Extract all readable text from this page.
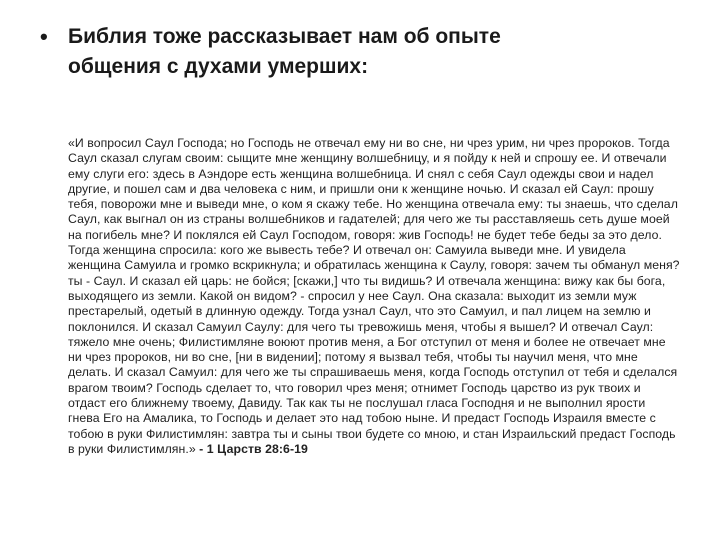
• Библия тоже рассказывает нам об опыте
общения с духами умерших:
«И вопросил Саул Господа; но Господь не отвечал ему ни во сне, ни чрез урим, ни чрез пророков. Тогда Саул сказал слугам своим: сыщите мне женщину волшебницу, и я пойду к ней и спрошу ее. И отвечали ему слуги его: здесь в Аэндоре есть женщина волшебница. И снял с себя Саул одежды свои и надел другие, и пошел сам и два человека с ним, и пришли они к женщине ночью. И сказал ей Саул: прошу тебя, поворожи мне и выведи мне, о ком я скажу тебе. Но женщина отвечала ему: ты знаешь, что сделал Саул, как выгнал он из страны волшебников и гадателей; для чего же ты расставляешь сеть душе моей на погибель мне? И поклялся ей Саул Господом, говоря: жив Господь! не будет тебе беды за это дело. Тогда женщина спросила: кого же вывесть тебе? И отвечал он: Самуила выведи мне. И увидела женщина Самуила и громко вскрикнула; и обратилась женщина к Саулу, говоря: зачем ты обманул меня? ты - Саул. И сказал ей царь: не бойся; [скажи,] что ты видишь? И отвечала женщина: вижу как бы бога, выходящего из земли. Какой он видом? - спросил у нее Саул. Она сказала: выходит из земли муж престарелый, одетый в длинную одежду. Тогда узнал Саул, что это Самуил, и пал лицем на землю и поклонился. И сказал Самуил Саулу: для чего ты тревожишь меня, чтобы я вышел? И отвечал Саул: тяжело мне очень; Филистимляне воюют против меня, а Бог отступил от меня и более не отвечает мне ни чрез пророков, ни во сне, [ни в видении]; потому я вызвал тебя, чтобы ты научил меня, что мне делать. И сказал Самуил: для чего же ты спрашиваешь меня, когда Господь отступил от тебя и сделался врагом твоим? Господь сделает то, что говорил чрез меня; отнимет Господь царство из рук твоих и отдаст его ближнему твоему, Давиду. Так как ты не послушал гласа Господня и не выполнил ярости гнева Его на Амалика, то Господь и делает это над тобою ныне. И предаст Господь Израиля вместе с тобою в руки Филистимлян: завтра ты и сыны твои будете со мною, и стан Израильский предаст Господь в руки Филистимлян.» - 1 Царств 28:6-19
